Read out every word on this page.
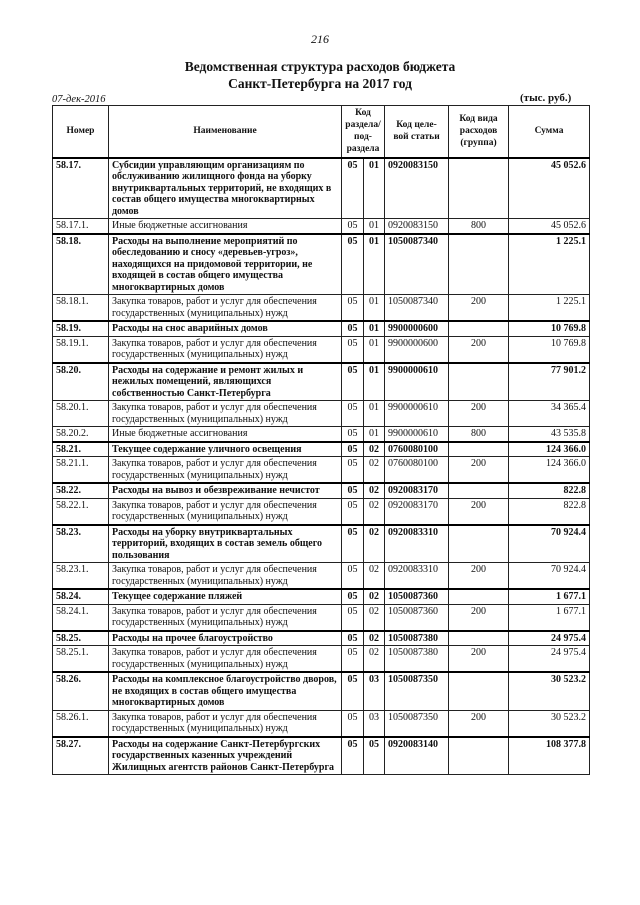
216
Ведомственная структура расходов бюджета
Санкт-Петербурга на 2017 год
07-дек-2016	(тыс. руб.)
Номер	Наименование	Код раздела/ под- раздела		Код целе- вой статьи	Код вида расходов (группа)	Сумма
58.17.	Субсидии управляющим организациям по обслуживанию жилищного фонда на уборку внутриквартальных территорий, не входящих в состав общего имущества многоквартирных домов	05	01	0920083150		45 052.6
58.17.1.	Иные бюджетные ассигнования	05	01	0920083150	800	45 052.6
58.18.	Расходы на выполнение мероприятий по обеследованию и сносу «деревьев-угроз», находящихся на придомовой территории, не входящей в состав общего имущества многоквартирных домов	05	01	1050087340		1 225.1
58.18.1.	Закупка товаров, работ и услуг для обеспечения государственных (муниципальных) нужд	05	01	1050087340	200	1 225.1
58.19.	Расходы на снос аварийных домов	05	01	9900000600		10 769.8
58.19.1.	Закупка товаров, работ и услуг для обеспечения государственных (муниципальных) нужд	05	01	9900000600	200	10 769.8
58.20.	Расходы на содержание и ремонт жилых и нежилых помещений, являющихся собственностью Санкт-Петербурга	05	01	9900000610		77 901.2
58.20.1.	Закупка товаров, работ и услуг для обеспечения государственных (муниципальных) нужд	05	01	9900000610	200	34 365.4
58.20.2.	Иные бюджетные ассигнования	05	01	9900000610	800	43 535.8
58.21.	Текущее содержание уличного освещения	05	02	0760080100		124 366.0
58.21.1.	Закупка товаров, работ и услуг для обеспечения государственных (муниципальных) нужд	05	02	0760080100	200	124 366.0
58.22.	Расходы на вывоз и обезвреживание нечистот	05	02	0920083170		822.8
58.22.1.	Закупка товаров, работ и услуг для обеспечения государственных (муниципальных) нужд	05	02	0920083170	200	822.8
58.23.	Расходы на уборку внутриквартальных территорий, входящих в состав земель общего пользования	05	02	0920083310		70 924.4
58.23.1.	Закупка товаров, работ и услуг для обеспечения государственных (муниципальных) нужд	05	02	0920083310	200	70 924.4
58.24.	Текущее содержание пляжей	05	02	1050087360		1 677.1
58.24.1.	Закупка товаров, работ и услуг для обеспечения государственных (муниципальных) нужд	05	02	1050087360	200	1 677.1
58.25.	Расходы на прочее благоустройство	05	02	1050087380		24 975.4
58.25.1.	Закупка товаров, работ и услуг для обеспечения государственных (муниципальных) нужд	05	02	1050087380	200	24 975.4
58.26.	Расходы на комплексное благоустройство дворов, не входящих в состав общего имущества многоквартирных домов	05	03	1050087350		30 523.2
58.26.1.	Закупка товаров, работ и услуг для обеспечения государственных (муниципальных) нужд	05	03	1050087350	200	30 523.2
58.27.	Расходы на содержание Санкт-Петербургских государственных казенных учреждений Жилищных агентств районов Санкт-Петербурга	05	05	0920083140		108 377.8
